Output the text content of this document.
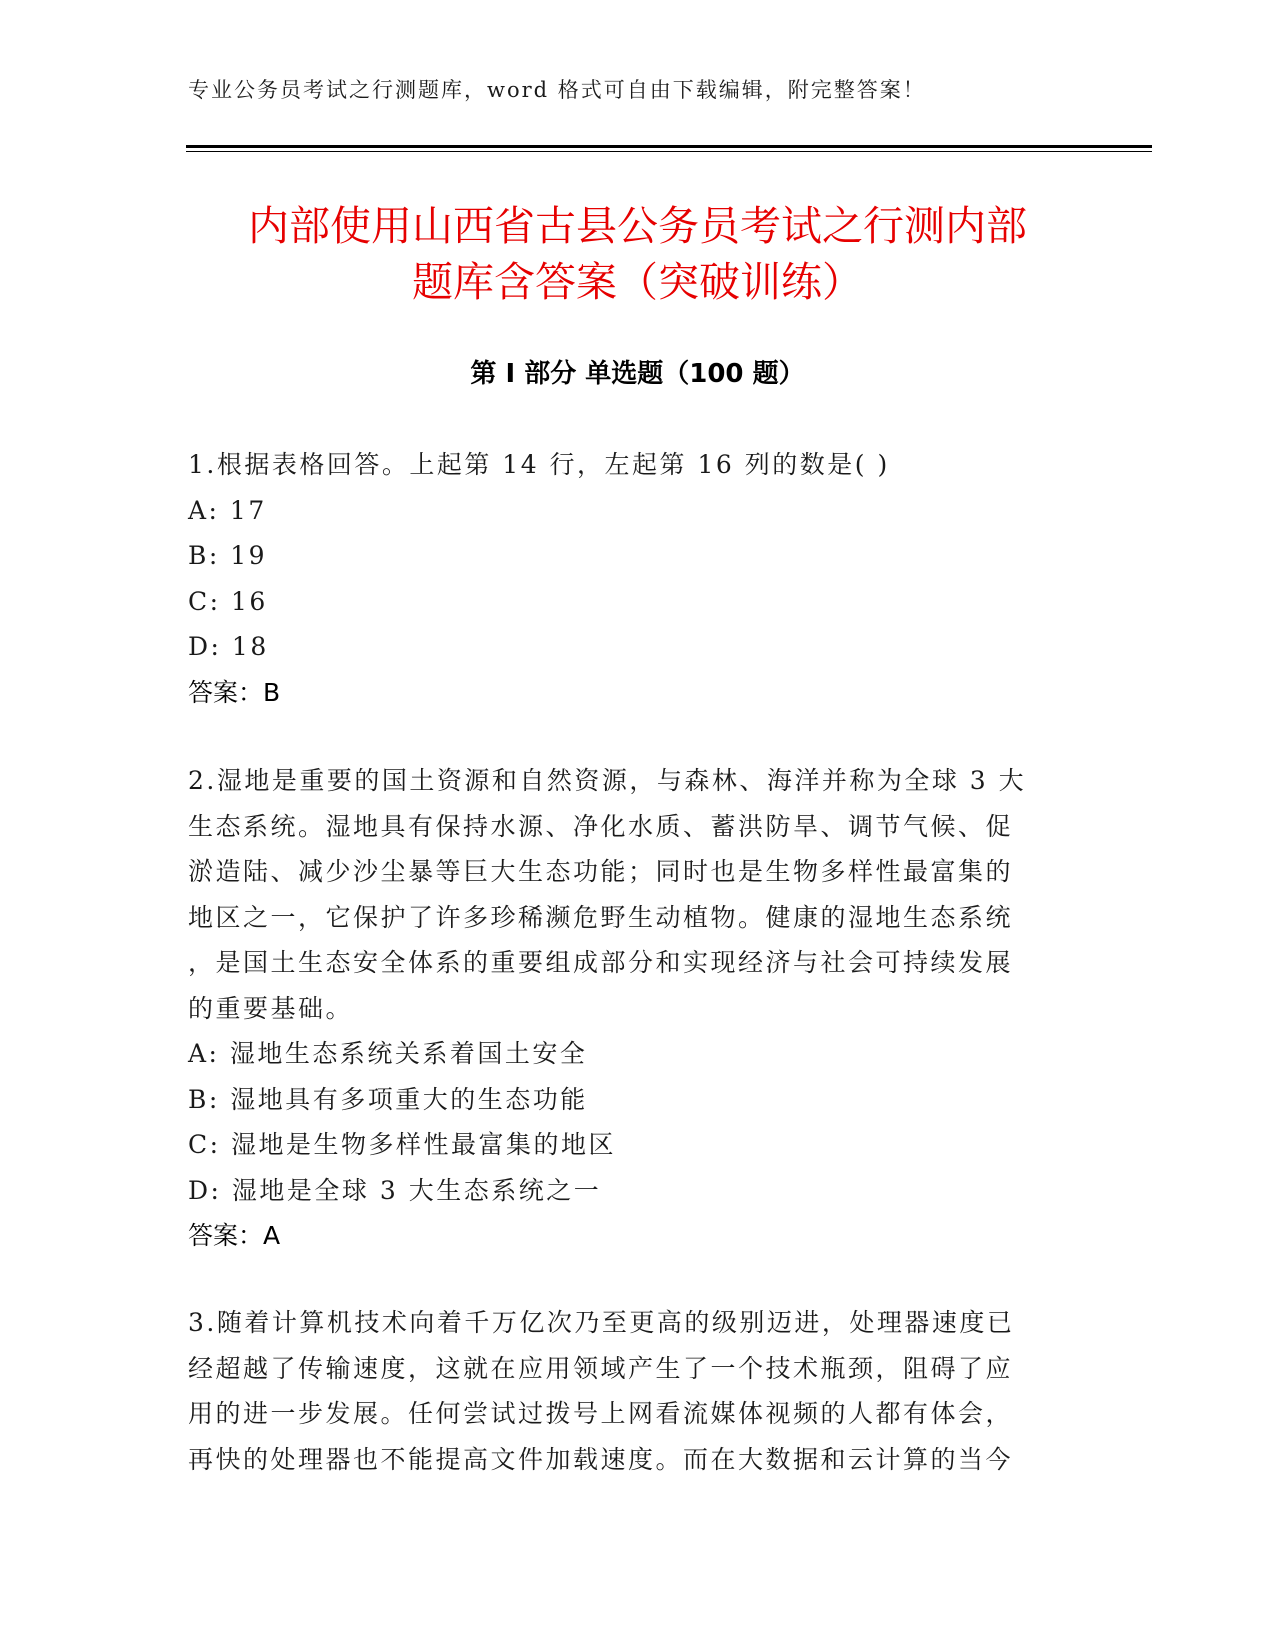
专业公务员考试之行测题库，word 格式可自由下载编辑，附完整答案！
内部使用山西省古县公务员考试之行测内部
题库含答案（突破训练）
第 I 部分 单选题（100 题）
1.根据表格回答。上起第 14 行，左起第 16 列的数是( )
A: 17
B: 19
C: 16
D: 18
答案：B
2.湿地是重要的国土资源和自然资源，与森林、海洋并称为全球 3 大
生态系统。湿地具有保持水源、净化水质、蓄洪防旱、调节气候、促
淤造陆、减少沙尘暴等巨大生态功能；同时也是生物多样性最富集的
地区之一，它保护了许多珍稀濒危野生动植物。健康的湿地生态系统
，是国土生态安全体系的重要组成部分和实现经济与社会可持续发展
的重要基础。
A: 湿地生态系统关系着国土安全
B: 湿地具有多项重大的生态功能
C: 湿地是生物多样性最富集的地区
D: 湿地是全球 3 大生态系统之一
答案：A
3.随着计算机技术向着千万亿次乃至更高的级别迈进，处理器速度已
经超越了传输速度，这就在应用领域产生了一个技术瓶颈，阻碍了应
用的进一步发展。任何尝试过拨号上网看流媒体视频的人都有体会，
再快的处理器也不能提高文件加载速度。而在大数据和云计算的当今
